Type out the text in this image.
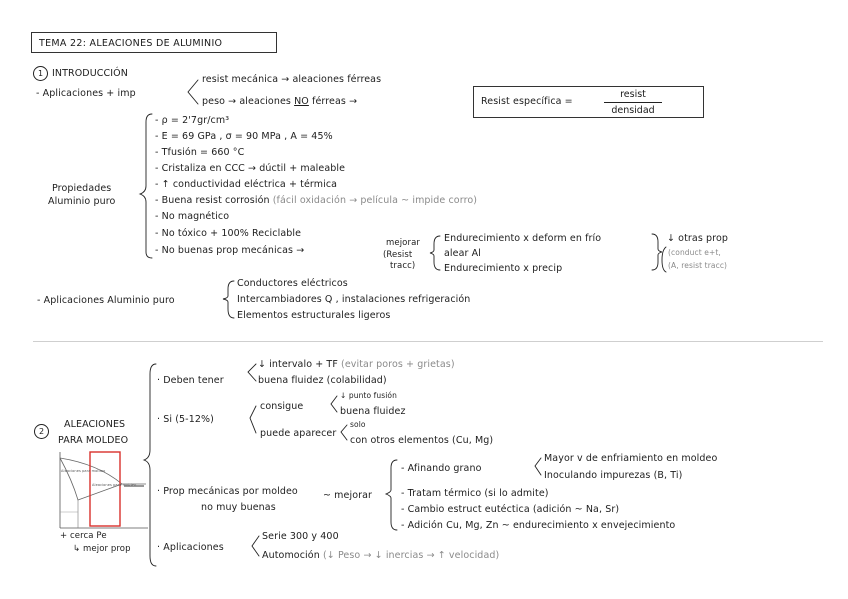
TEMA 22: ALEACIONES DE ALUMINIO
1 INTRODUCCIÓN
- Aplicaciones + imp
resist mecánica → aleaciones férreas
peso → aleaciones NO férreas →	Resist específica =
resist
densidad
Propiedades
Aluminio puro
- ρ = 2'7gr/cm³
- E = 69 GPa , σ = 90 MPa , A = 45%
- Tfusión = 660 °C
- Cristaliza en CCC → dúctil + maleable
- ↑ conductividad eléctrica + térmica
- Buena resist corrosión (fácil oxidación → película ~ impide corro)
- No magnético
- No tóxico + 100% Reciclable
- No buenas prop mecánicas →
mejorar
(Resist
tracc)
Endurecimiento x deform en frío
alear Al
Endurecimiento x precip
↓ otras prop
(conduct e+t,
(A, resist tracc)
- Aplicaciones Aluminio puro
Conductores eléctricos
Intercambiadores Q , instalaciones refrigeración
Elementos estructurales ligeros
2
ALEACIONES
PARA MOLDEO
Aleaciones para moldeo
Aleaciones para moldeo
+ cerca Pe
↳ mejor prop
· Deben tener
↓ intervalo + TF (evitar poros + grietas)
buena fluidez (colabilidad)
· Si (5-12%)
consigue
↓ punto fusión
buena fluidez
puede aparecer
solo
con otros elementos (Cu, Mg)
· Prop mecánicas por moldeo
no muy buenas
~ mejorar
- Afinando grano
Mayor v de enfriamiento en moldeo
Inoculando impurezas (B, Ti)
- Tratam térmico (si lo admite)
- Cambio estruct eutéctica (adición ~ Na, Sr)
- Adición Cu, Mg, Zn ~ endurecimiento x envejecimiento
· Aplicaciones
Serie 300 y 400
Automoción (↓ Peso → ↓ inercias → ↑ velocidad)
